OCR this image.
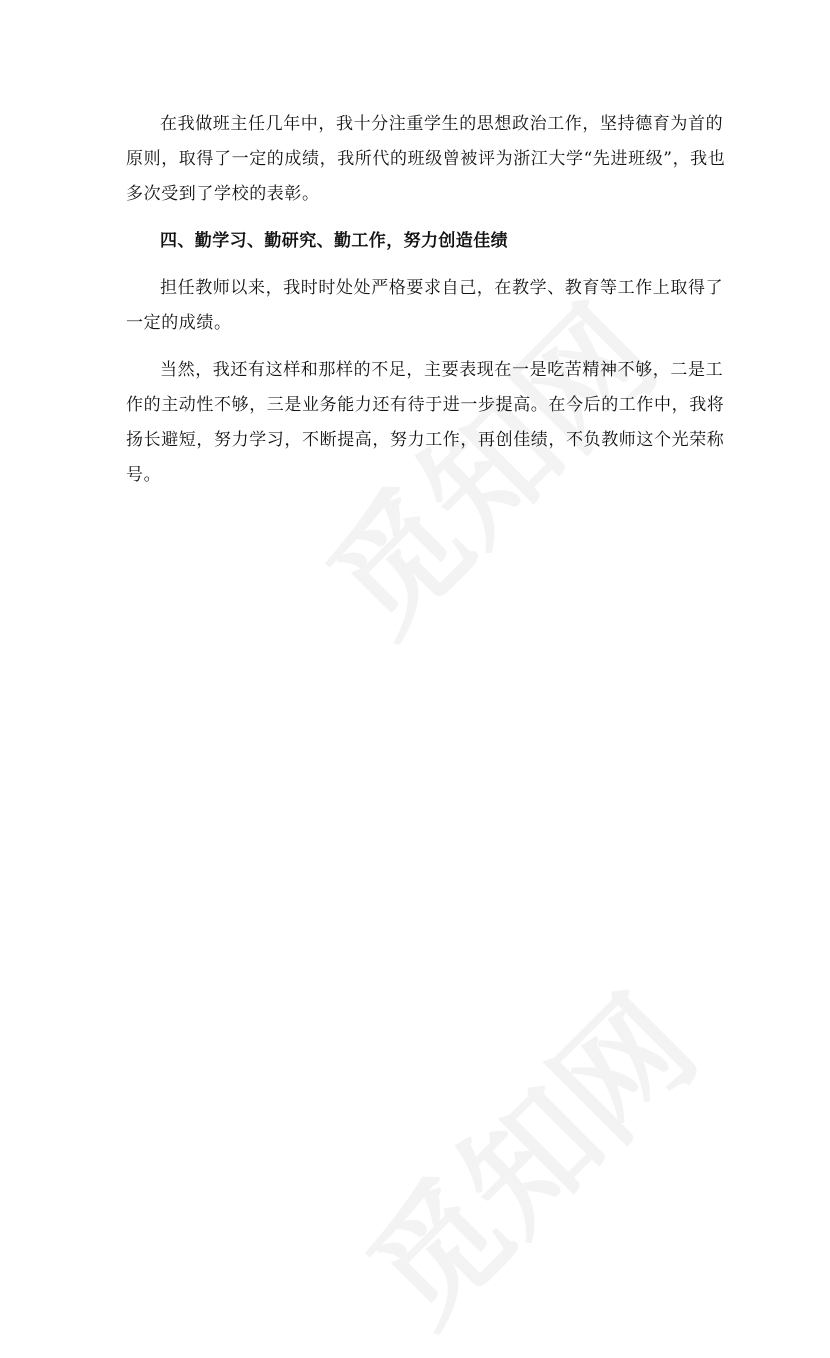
在我做班主任几年中，我十分注重学生的思想政治工作，坚持德育为首的
原则，取得了一定的成绩，我所代的班级曾被评为浙江大学“先进班级”，我也
多次受到了学校的表彰。
四、勤学习、勤研究、勤工作，努力创造佳绩
担任教师以来，我时时处处严格要求自己，在教学、教育等工作上取得了
一定的成绩。
当然，我还有这样和那样的不足，主要表现在一是吃苦精神不够，二是工
作的主动性不够，三是业务能力还有待于进一步提高。在今后的工作中，我将
扬长避短，努力学习，不断提高，努力工作，再创佳绩，不负教师这个光荣称
号。
